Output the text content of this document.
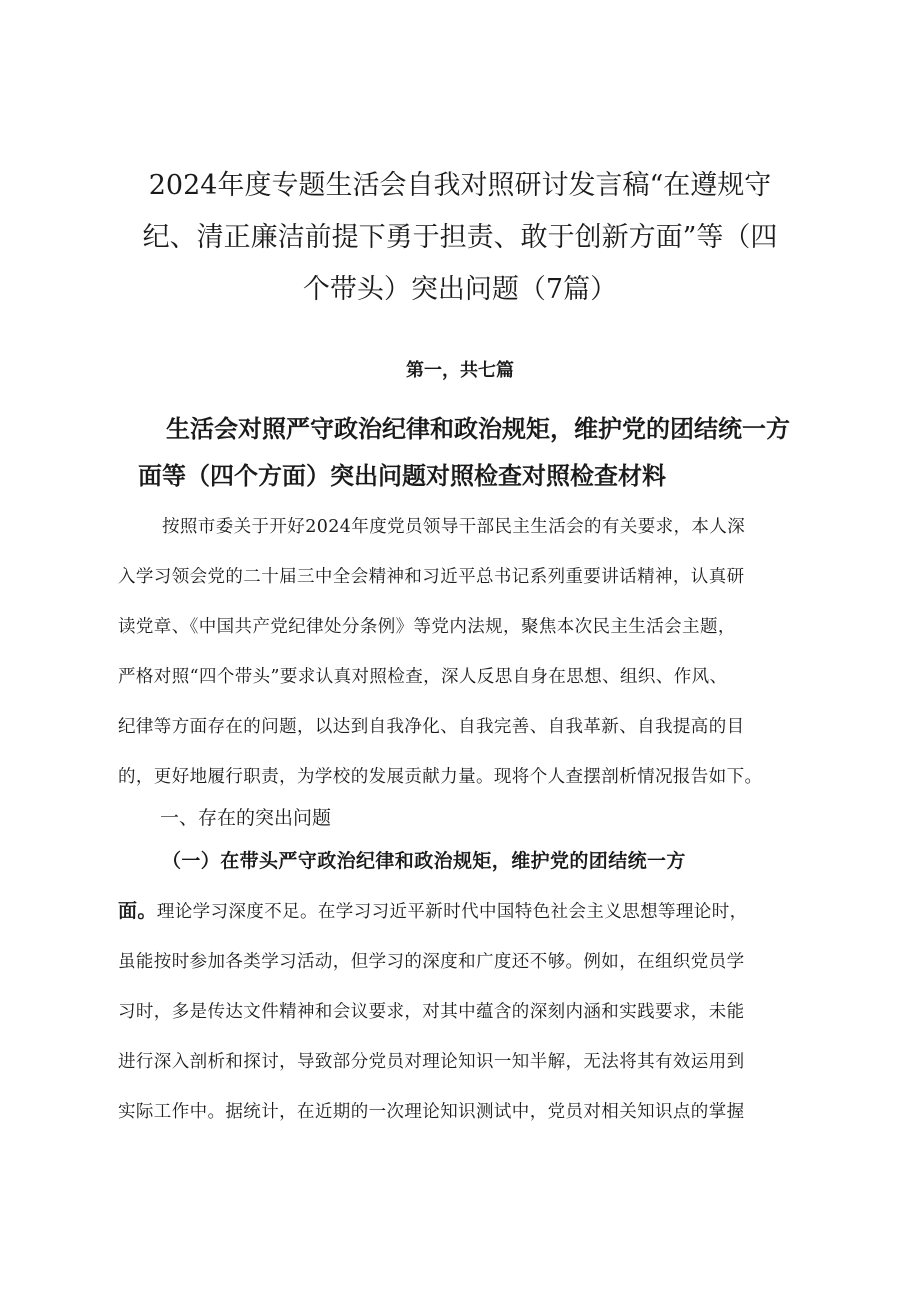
2024年度专题生活会自我对照研讨发言稿“在遵规守
纪、清正廉洁前提下勇于担责、敢于创新方面”等（四
个带头）突出问题（7篇）
第一，共七篇
生活会对照严守政治纪律和政治规矩，维护党的团结统一方
面等（四个方面）突出问题对照检查对照检查材料
按照市委关于开好2024年度党员领导干部民主生活会的有关要求，本人深
入学习领会党的二十届三中全会精神和习近平总书记系列重要讲话精神，认真研
读党章、《中国共产党纪律处分条例》等党内法规，聚焦本次民主生活会主题，
严格对照“四个带头”要求认真对照检查，深人反思自身在思想、组织、作风、
纪律等方面存在的问题，以达到自我净化、自我完善、自我革新、自我提高的目
的，更好地履行职责，为学校的发展贡献力量。现将个人查摆剖析情况报告如下。
一、存在的突出问题
（一）在带头严守政治纪律和政治规矩，维护党的团结统一方
面。理论学习深度不足。在学习习近平新时代中国特色社会主义思想等理论时，
虽能按时参加各类学习活动，但学习的深度和广度还不够。例如，在组织党员学
习时，多是传达文件精神和会议要求，对其中蕴含的深刻内涵和实践要求，未能
进行深入剖析和探讨，导致部分党员对理论知识一知半解，无法将其有效运用到
实际工作中。据统计，在近期的一次理论知识测试中，党员对相关知识点的掌握
